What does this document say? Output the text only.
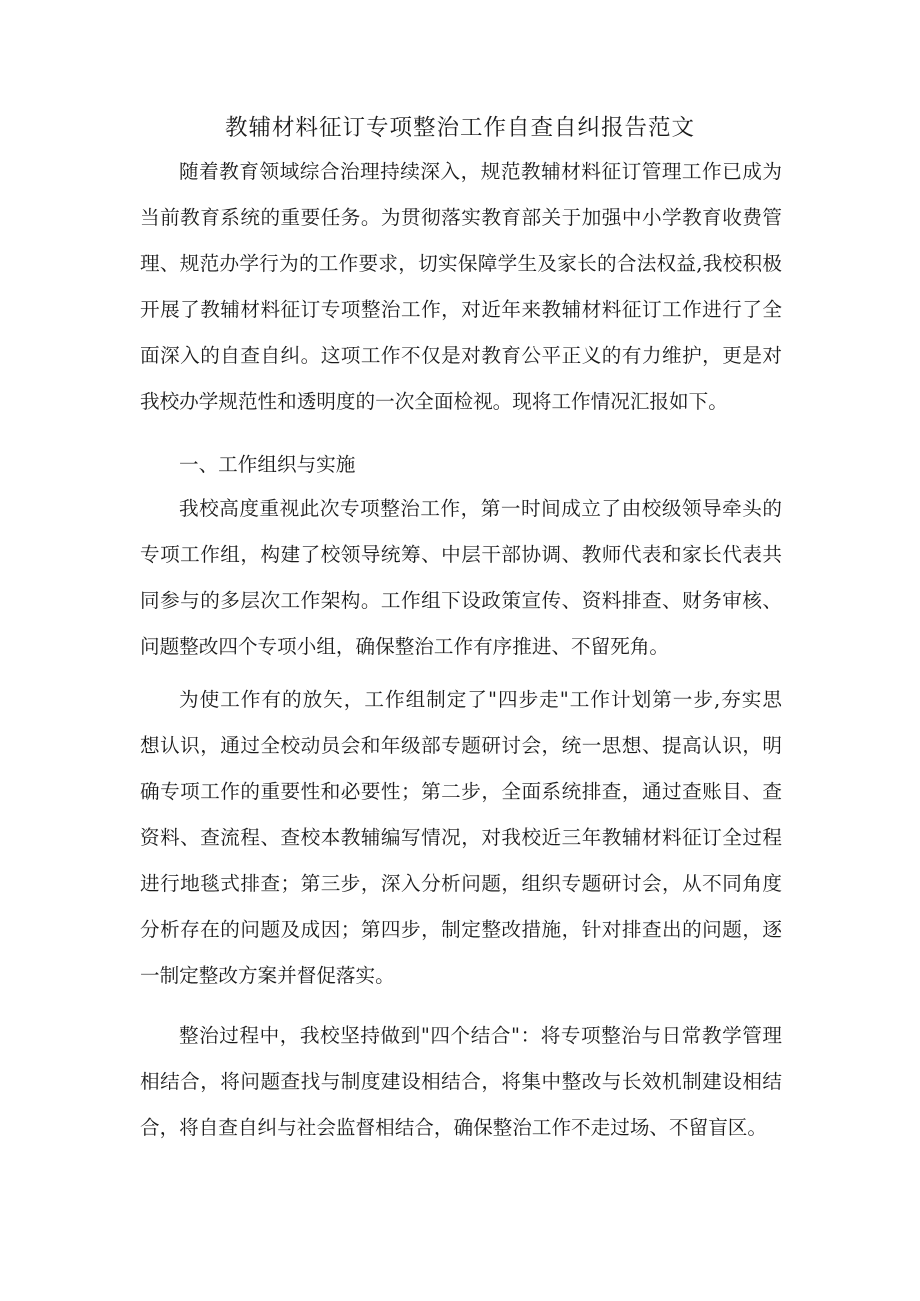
教辅材料征订专项整治工作自查自纠报告范文

随着教育领域综合治理持续深入，规范教辅材料征订管理工作已成为

当前教育系统的重要任务。为贯彻落实教育部关于加强中小学教育收费管

理、规范办学行为的工作要求，切实保障学生及家长的合法权益,我校积极

开展了教辅材料征订专项整治工作，对近年来教辅材料征订工作进行了全

面深入的自查自纠。这项工作不仅是对教育公平正义的有力维护，更是对

我校办学规范性和透明度的一次全面检视。现将工作情况汇报如下。

一、工作组织与实施

我校高度重视此次专项整治工作，第一时间成立了由校级领导牵头的

专项工作组，构建了校领导统筹、中层干部协调、教师代表和家长代表共

同参与的多层次工作架构。工作组下设政策宣传、资料排查、财务审核、

问题整改四个专项小组，确保整治工作有序推进、不留死角。

为使工作有的放矢，工作组制定了"四步走"工作计划第一步,夯实思

想认识，通过全校动员会和年级部专题研讨会，统一思想、提高认识，明

确专项工作的重要性和必要性；第二步，全面系统排查，通过查账目、查

资料、查流程、查校本教辅编写情况，对我校近三年教辅材料征订全过程

进行地毯式排查；第三步，深入分析问题，组织专题研讨会，从不同角度

分析存在的问题及成因；第四步，制定整改措施，针对排查出的问题，逐

一制定整改方案并督促落实。

整治过程中，我校坚持做到"四个结合"：将专项整治与日常教学管理

相结合，将问题查找与制度建设相结合，将集中整改与长效机制建设相结

合，将自查自纠与社会监督相结合，确保整治工作不走过场、不留盲区。
